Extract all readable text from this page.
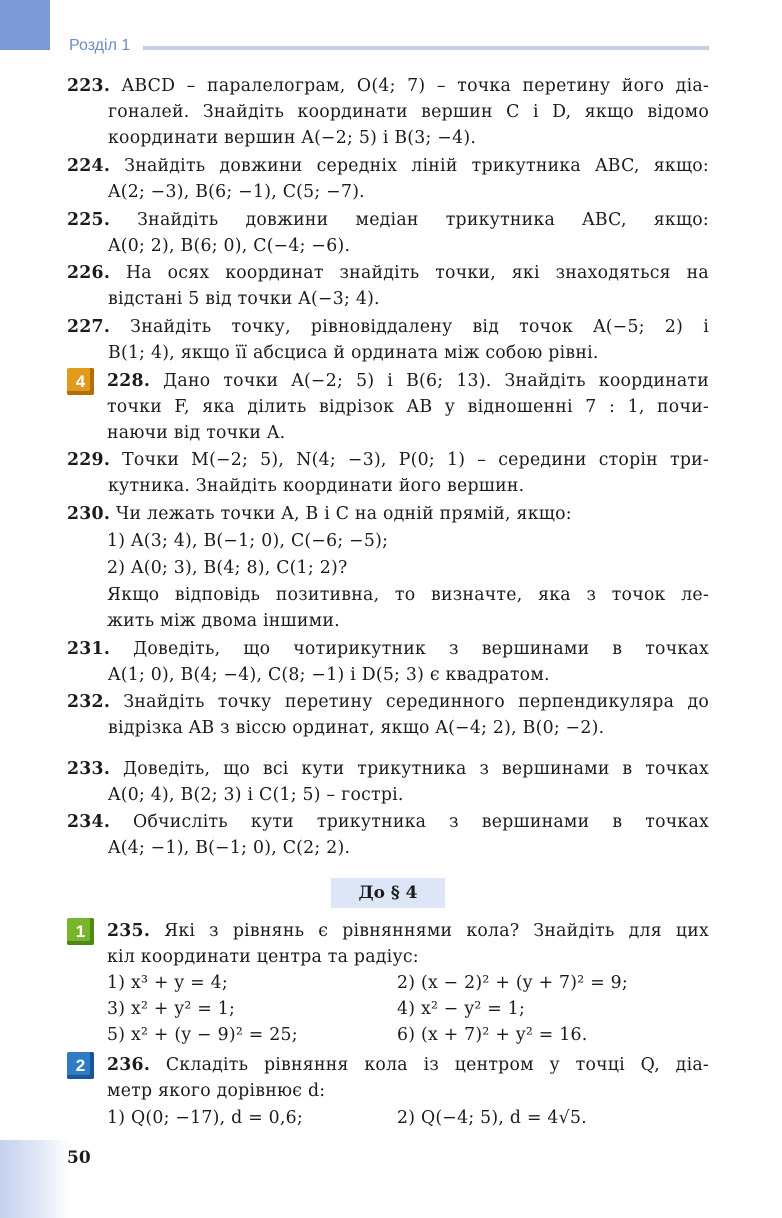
Розділ 1
223. ABCD – паралелограм, O(4; 7) – точка перетину його діа-
гоналей. Знайдіть координати вершин C і D, якщо відомо
координати вершин A(−2; 5) і B(3; −4).
224. Знайдіть довжини середніх ліній трикутника ABC, якщо:
A(2; −3), B(6; −1), C(5; −7).
225. Знайдіть довжини медіан трикутника ABC, якщо:
A(0; 2), B(6; 0), C(−4; −6).
226. На осях координат знайдіть точки, які знаходяться на
відстані 5 від точки A(−3; 4).
227. Знайдіть точку, рівновіддалену від точок A(−5; 2) і
B(1; 4), якщо її абсциса й ордината між собою рівні.
4	228. Дано точки A(−2; 5) і B(6; 13). Знайдіть координати
точки F, яка ділить відрізок AB у відношенні 7 : 1, почи-
наючи від точки A.
229. Точки M(−2; 5), N(4; −3), P(0; 1) – середини сторін три-
кутника. Знайдіть координати його вершин.
230. Чи лежать точки A, B і C на одній прямій, якщо:
1) A(3; 4), B(−1; 0), C(−6; −5);
2) A(0; 3), B(4; 8), C(1; 2)?
Якщо відповідь позитивна, то визначте, яка з точок ле-
жить між двома іншими.
231. Доведіть, що чотирикутник з вершинами в точках
A(1; 0), B(4; −4), C(8; −1) і D(5; 3) є квадратом.
232. Знайдіть точку перетину серединного перпендикуляра до
відрізка AB з віссю ординат, якщо A(−4; 2), B(0; −2).
233. Доведіть, що всі кути трикутника з вершинами в точках
A(0; 4), B(2; 3) і C(1; 5) – гострі.
234. Обчисліть кути трикутника з вершинами в точках
A(4; −1), B(−1; 0), C(2; 2).
До § 4
1	235. Які з рівнянь є рівняннями кола? Знайдіть для цих
кіл координати центра та радіус:
1) x³ + y = 4;	2) (x − 2)² + (y + 7)² = 9;
3) x² + y² = 1;	4) x² − y² = 1;
5) x² + (y − 9)² = 25;	6) (x + 7)² + y² = 16.
2	236. Складіть рівняння кола із центром у точці Q, діа-
метр якого дорівнює d:
1) Q(0; −17), d = 0,6;	2) Q(−4; 5), d = 4√5.
50
